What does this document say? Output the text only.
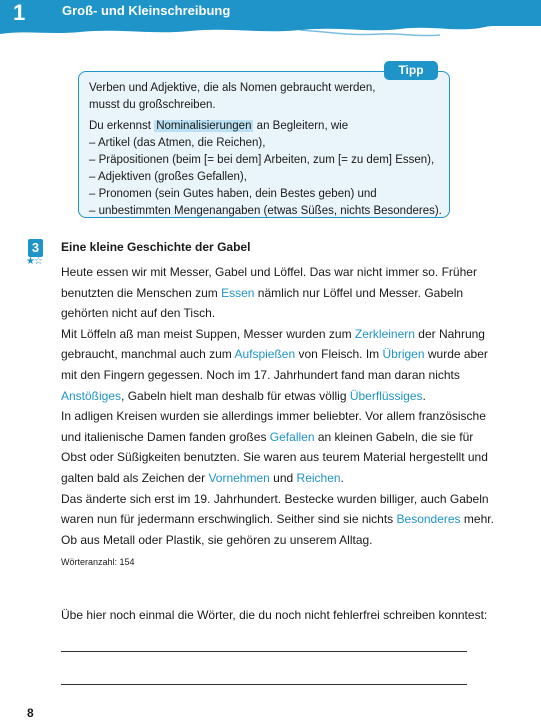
1	Groß- und Kleinschreibung
Tipp
Verben und Adjektive, die als Nomen gebraucht werden,
musst du großschreiben.
Du erkennst Nominalisierungen an Begleitern, wie
– Artikel (das Atmen, die Reichen),
– Präpositionen (beim [= bei dem] Arbeiten, zum [= zu dem] Essen),
– Adjektiven (großes Gefallen),
– Pronomen (sein Gutes haben, dein Bestes geben) und
– unbestimmten Mengenangaben (etwas Süßes, nichts Besonderes).
3
★☆
Eine kleine Geschichte der Gabel
Heute essen wir mit Messer, Gabel und Löffel. Das war nicht immer so. Früher
benutzten die Menschen zum Essen nämlich nur Löffel und Messer. Gabeln
gehörten nicht auf den Tisch.
Mit Löffeln aß man meist Suppen, Messer wurden zum Zerkleinern der Nahrung
gebraucht, manchmal auch zum Aufspießen von Fleisch. Im Übrigen wurde aber
mit den Fingern gegessen. Noch im 17. Jahrhundert fand man daran nichts
Anstößiges, Gabeln hielt man deshalb für etwas völlig Überflüssiges.
In adligen Kreisen wurden sie allerdings immer beliebter. Vor allem französische
und italienische Damen fanden großes Gefallen an kleinen Gabeln, die sie für
Obst oder Süßigkeiten benutzten. Sie waren aus teurem Material hergestellt und
galten bald als Zeichen der Vornehmen und Reichen.
Das änderte sich erst im 19. Jahrhundert. Bestecke wurden billiger, auch Gabeln
waren nun für jedermann erschwinglich. Seither sind sie nichts Besonderes mehr.
Ob aus Metall oder Plastik, sie gehören zu unserem Alltag.
Wörteranzahl: 154
Übe hier noch einmal die Wörter, die du noch nicht fehlerfrei schreiben konntest:
8
